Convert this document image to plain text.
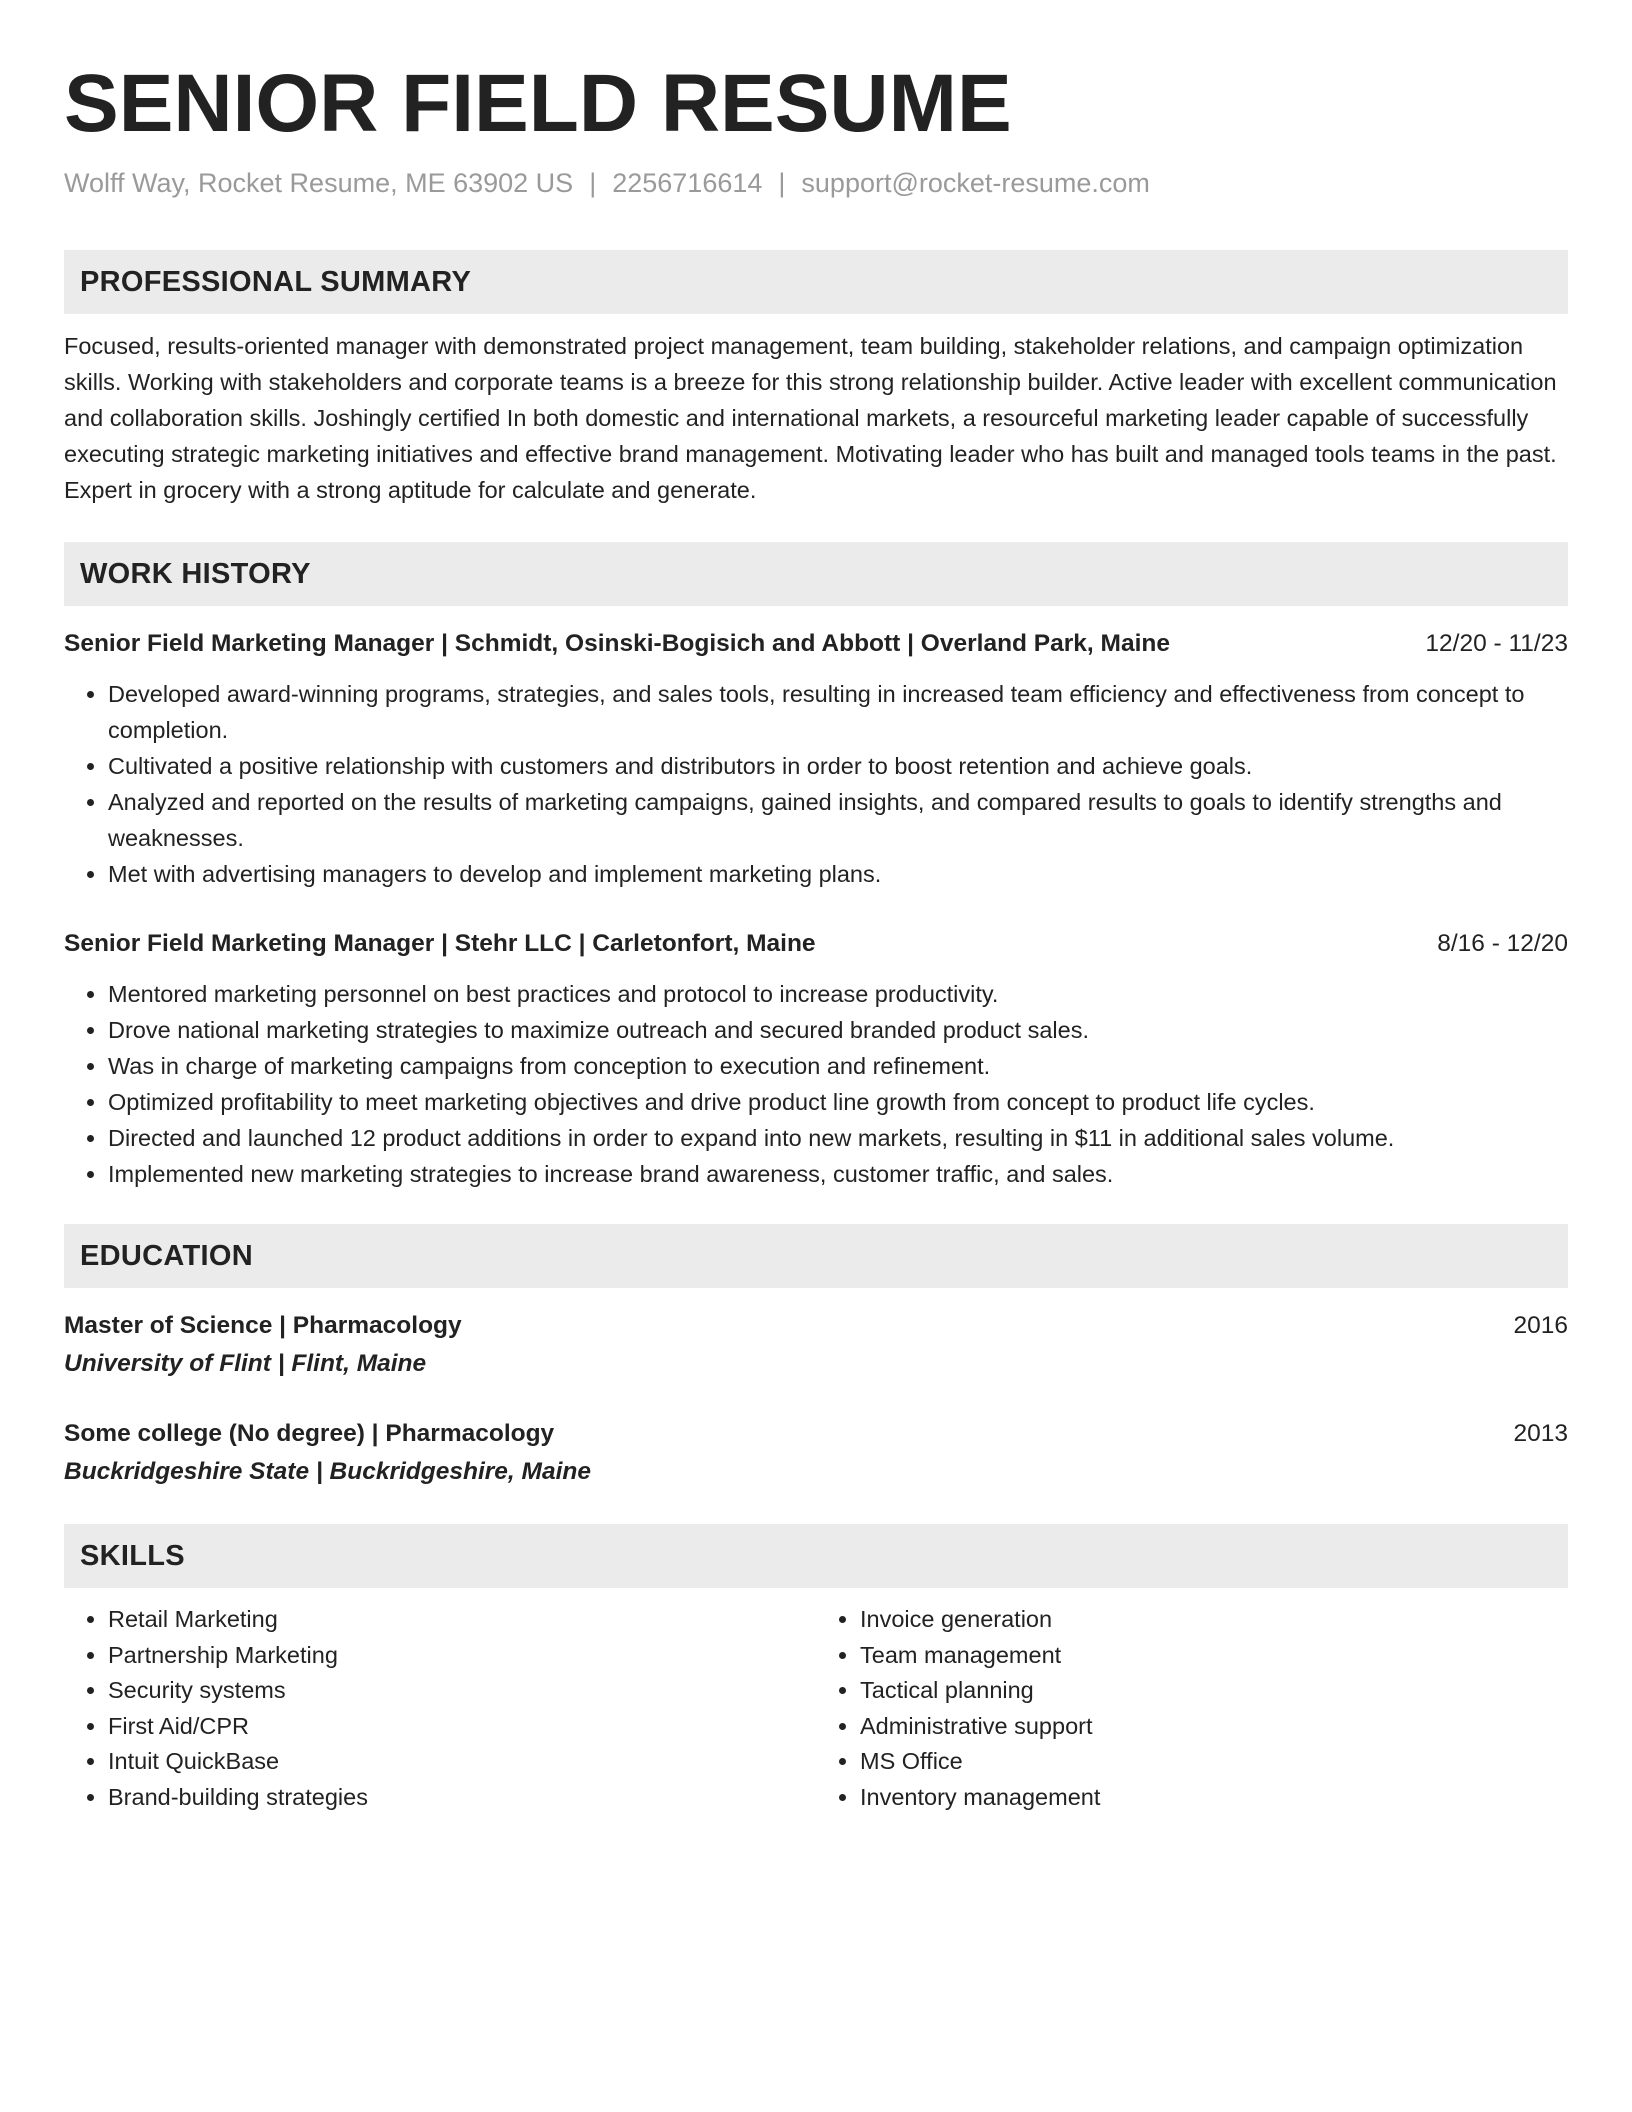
SENIOR FIELD RESUME
Wolff Way, Rocket Resume, ME 63902 US | 2256716614 | support@rocket-resume.com
PROFESSIONAL SUMMARY
Focused, results-oriented manager with demonstrated project management, team building, stakeholder relations, and campaign optimization skills. Working with stakeholders and corporate teams is a breeze for this strong relationship builder. Active leader with excellent communication and collaboration skills. Joshingly certified In both domestic and international markets, a resourceful marketing leader capable of successfully executing strategic marketing initiatives and effective brand management. Motivating leader who has built and managed tools teams in the past. Expert in grocery with a strong aptitude for calculate and generate.
WORK HISTORY
Senior Field Marketing Manager | Schmidt, Osinski-Bogisich and Abbott | Overland Park, Maine	12/20 - 11/23
• Developed award-winning programs, strategies, and sales tools, resulting in increased team efficiency and effectiveness from concept to completion.
• Cultivated a positive relationship with customers and distributors in order to boost retention and achieve goals.
• Analyzed and reported on the results of marketing campaigns, gained insights, and compared results to goals to identify strengths and weaknesses.
• Met with advertising managers to develop and implement marketing plans.
Senior Field Marketing Manager | Stehr LLC | Carletonfort, Maine	8/16 - 12/20
• Mentored marketing personnel on best practices and protocol to increase productivity.
• Drove national marketing strategies to maximize outreach and secured branded product sales.
• Was in charge of marketing campaigns from conception to execution and refinement.
• Optimized profitability to meet marketing objectives and drive product line growth from concept to product life cycles.
• Directed and launched 12 product additions in order to expand into new markets, resulting in $11 in additional sales volume.
• Implemented new marketing strategies to increase brand awareness, customer traffic, and sales.
EDUCATION
Master of Science | Pharmacology	2016
University of Flint | Flint, Maine
Some college (No degree) | Pharmacology	2013
Buckridgeshire State | Buckridgeshire, Maine
SKILLS
• Retail Marketing
• Partnership Marketing
• Security systems
• First Aid/CPR
• Intuit QuickBase
• Brand-building strategies
• Invoice generation
• Team management
• Tactical planning
• Administrative support
• MS Office
• Inventory management
